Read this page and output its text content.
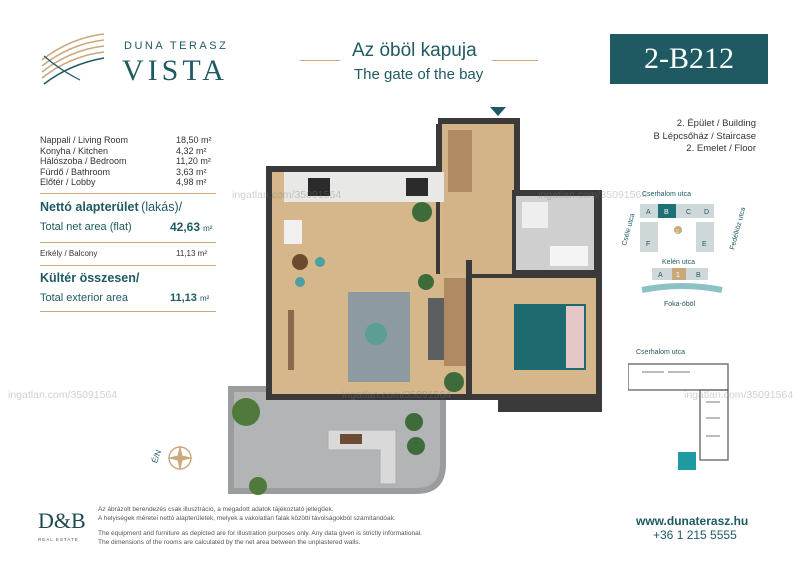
DUNA TERASZ
VISTA
Az öböl kapuja
The gate of the bay	2-B212
Nappali / Living Room	18,50 m²
Konyha / Kitchen	4,32 m²
Hálószoba / Bedroom	11,20 m²
Fürdő / Bathroom	3,63 m²
Előtér / Lobby	4,98 m²
Nettó alapterület (lakás)/
Total net area (flat)	42,63 m²
Erkély / Balcony	11,13 m²
Kültér összesen/
Total exterior area	11,13 m²
2. Épület / Building
B Lépcsőház / Staircase
2. Emelet / Floor
É/N
Cserhalom utca
A B C D
2
F	E
Cséle utca	Fedélköz utca
Kelén utca
A 1 B
Foka-öböl
Cserhalom utca
ingatlan.com/35091564	ingatlan.com/35091564
ingatlan.com/35091564	ingatlan.com/35091564	ingatlan.com/35091564
D&B
REAL ESTATE
Az ábrázolt berendezés csak illusztráció, a megadott adatok tájékoztató jellegűek.
A helyiségek méretei nettó alapterületek, melyek a vakolatlan falak közötti távolságokból számítandóak.
The equipment and furniture as depicted are for illustration purposes only. Any data given is strictly informational.
The dimensions of the rooms are calculated by the net area between the unplastered walls.
www.dunaterasz.hu
+36 1 215 5555
